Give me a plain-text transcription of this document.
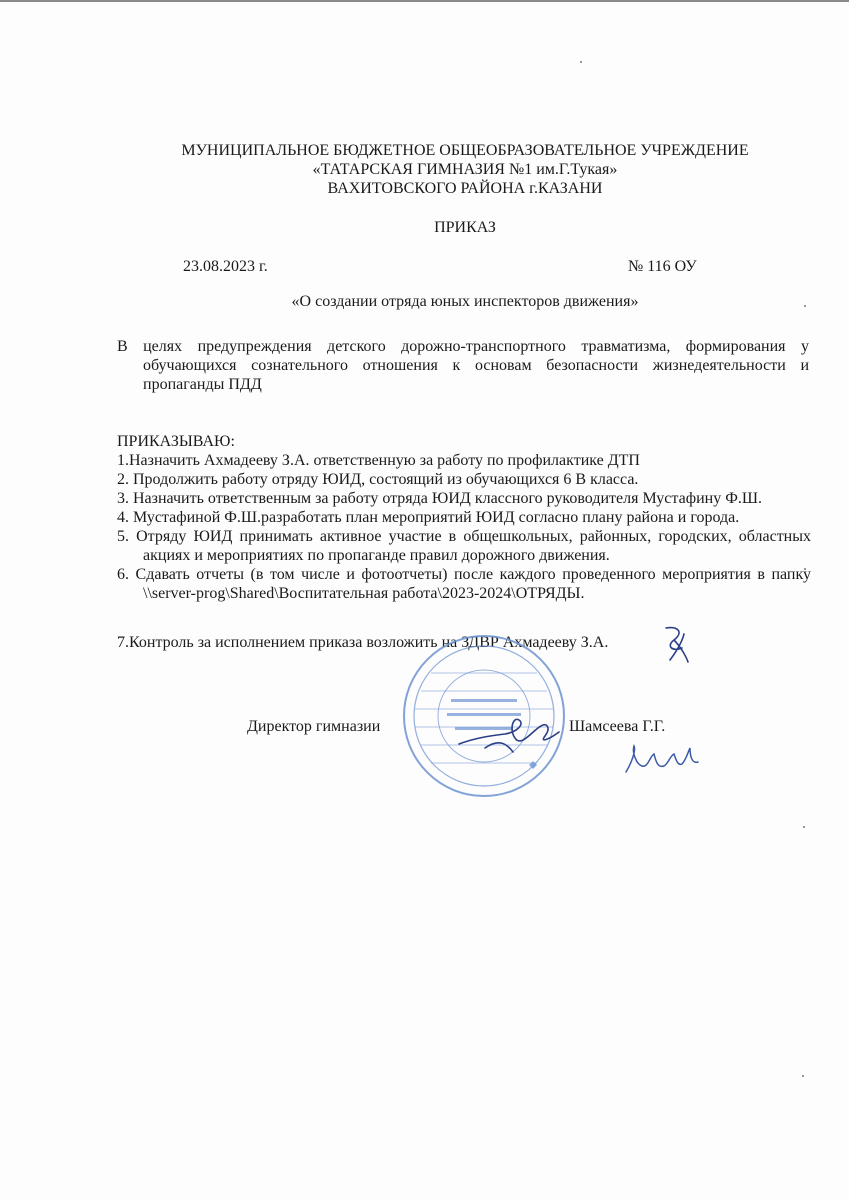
МУНИЦИПАЛЬНОЕ БЮДЖЕТНОЕ ОБЩЕОБРАЗОВАТЕЛЬНОЕ УЧРЕЖДЕНИЕ
«ТАТАРСКАЯ ГИМНАЗИЯ №1 им.Г.Тукая»
ВАХИТОВСКОГО РАЙОНА г.КАЗАНИ
ПРИКАЗ
23.08.2023 г.	№ 116 ОУ
«О создании отряда юных инспекторов движения»
В целях предупреждения детского дорожно-транспортного травматизма, формирования у обучающихся сознательного отношения к основам безопасности жизнедеятельности и пропаганды ПДД
ПРИКАЗЫВАЮ:
1.Назначить Ахмадееву З.А. ответственную за работу по профилактике ДТП
2. Продолжить работу отряду ЮИД, состоящий из обучающихся 6 В класса.
3. Назначить ответственным за работу отряда ЮИД классного руководителя Мустафину Ф.Ш.
4. Мустафиной Ф.Ш.разработать план мероприятий ЮИД согласно плану района и города.
5. Отряду ЮИД принимать активное участие в общешкольных, районных, городских, областных акциях и мероприятиях по пропаганде правил дорожного движения.
6. Сдавать отчеты (в том числе и фотоотчеты) после каждого проведенного мероприятия в папку \\server-prog\Shared\Воспитательная работа\2023-2024\ОТРЯДЫ.
7.Контроль за исполнением приказа возложить на ЗДВР Ахмадееву З.А.
Директор гимназии	Шамсеева Г.Г.
